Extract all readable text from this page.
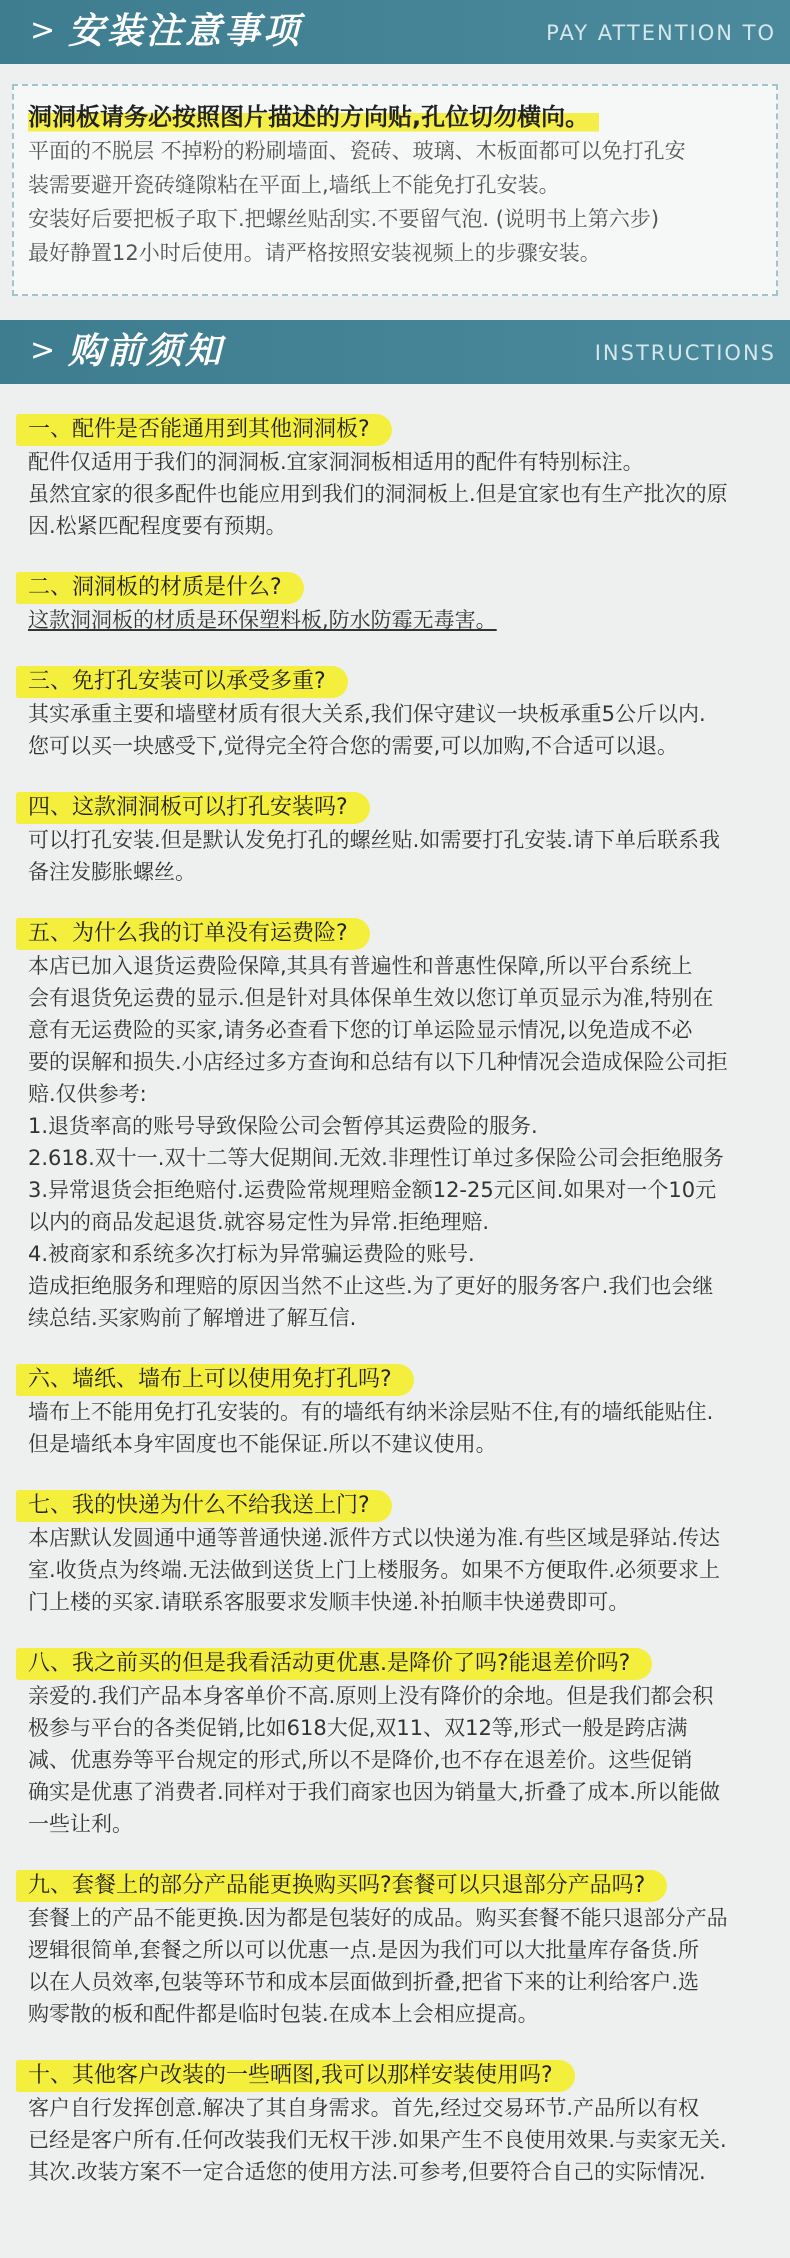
> 安装注意事项	PAY ATTENTION TO
洞洞板请务必按照图片描述的方向贴,孔位切勿横向。
平面的不脱层 不掉粉的粉刷墙面、瓷砖、玻璃、木板面都可以免打孔安
装需要避开瓷砖缝隙粘在平面上,墙纸上不能免打孔安装。
安装好后要把板子取下.把螺丝贴刮实.不要留气泡. (说明书上第六步)
最好静置12小时后使用。请严格按照安装视频上的步骤安装。
> 购前须知	INSTRUCTIONS
一、配件是否能通用到其他洞洞板?
配件仅适用于我们的洞洞板.宜家洞洞板相适用的配件有特别标注。
虽然宜家的很多配件也能应用到我们的洞洞板上.但是宜家也有生产批次的原
因.松紧匹配程度要有预期。
二、洞洞板的材质是什么?
这款洞洞板的材质是环保塑料板,防水防霉无毒害。
三、免打孔安装可以承受多重?
其实承重主要和墙壁材质有很大关系,我们保守建议一块板承重5公斤以内.
您可以买一块感受下,觉得完全符合您的需要,可以加购,不合适可以退。
四、这款洞洞板可以打孔安装吗?
可以打孔安装.但是默认发免打孔的螺丝贴.如需要打孔安装.请下单后联系我
备注发膨胀螺丝。
五、为什么我的订单没有运费险?
本店已加入退货运费险保障,其具有普遍性和普惠性保障,所以平台系统上
会有退货免运费的显示.但是针对具体保单生效以您订单页显示为准,特别在
意有无运费险的买家,请务必查看下您的订单运险显示情况,以免造成不必
要的误解和损失.小店经过多方查询和总结有以下几种情况会造成保险公司拒
赔.仅供参考:
1.退货率高的账号导致保险公司会暂停其运费险的服务.
2.618.双十一.双十二等大促期间.无效.非理性订单过多保险公司会拒绝服务
3.异常退货会拒绝赔付.运费险常规理赔金额12-25元区间.如果对一个10元
以内的商品发起退货.就容易定性为异常.拒绝理赔.
4.被商家和系统多次打标为异常骗运费险的账号.
造成拒绝服务和理赔的原因当然不止这些.为了更好的服务客户.我们也会继
续总结.买家购前了解增进了解互信.
六、墙纸、墙布上可以使用免打孔吗?
墙布上不能用免打孔安装的。有的墙纸有纳米涂层贴不住,有的墙纸能贴住.
但是墙纸本身牢固度也不能保证.所以不建议使用。
七、我的快递为什么不给我送上门?
本店默认发圆通中通等普通快递.派件方式以快递为准.有些区域是驿站.传达
室.收货点为终端.无法做到送货上门上楼服务。如果不方便取件.必须要求上
门上楼的买家.请联系客服要求发顺丰快递.补拍顺丰快递费即可。
八、我之前买的但是我看活动更优惠.是降价了吗?能退差价吗?
亲爱的.我们产品本身客单价不高.原则上没有降价的余地。但是我们都会积
极参与平台的各类促销,比如618大促,双11、双12等,形式一般是跨店满
减、优惠券等平台规定的形式,所以不是降价,也不存在退差价。这些促销
确实是优惠了消费者.同样对于我们商家也因为销量大,折叠了成本.所以能做
一些让利。
九、套餐上的部分产品能更换购买吗?套餐可以只退部分产品吗?
套餐上的产品不能更换.因为都是包装好的成品。购买套餐不能只退部分产品
逻辑很简单,套餐之所以可以优惠一点.是因为我们可以大批量库存备货.所
以在人员效率,包装等环节和成本层面做到折叠,把省下来的让利给客户.选
购零散的板和配件都是临时包装.在成本上会相应提高。
十、其他客户改装的一些晒图,我可以那样安装使用吗?
客户自行发挥创意.解决了其自身需求。首先,经过交易环节.产品所以有权
已经是客户所有.任何改装我们无权干涉.如果产生不良使用效果.与卖家无关.
其次.改装方案不一定合适您的使用方法.可参考,但要符合自己的实际情况.
